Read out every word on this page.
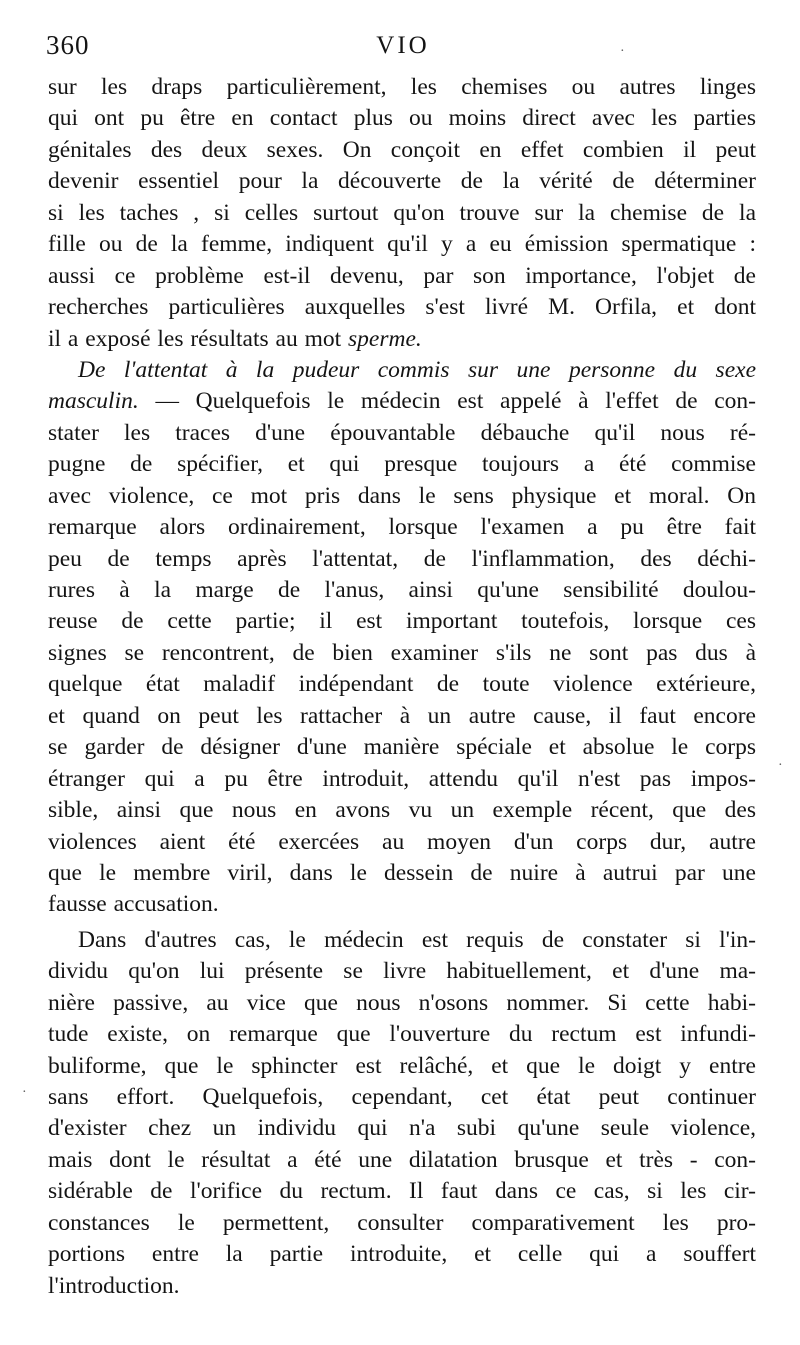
360	VIO	·
·
·
sur les draps particulièrement, les chemises ou autres linges
qui ont pu être en contact plus ou moins direct avec les parties
génitales des deux sexes. On conçoit en effet combien il peut
devenir essentiel pour la découverte de la vérité de déterminer
si les taches , si celles surtout qu'on trouve sur la chemise de la
fille ou de la femme, indiquent qu'il y a eu émission spermatique :
aussi ce problème est-il devenu, par son importance, l'objet de
recherches particulières auxquelles s'est livré M. Orfila, et dont
il a exposé les résultats au mot sperme.
De l'attentat à la pudeur commis sur une personne du sexe
masculin. — Quelquefois le médecin est appelé à l'effet de con-
stater les traces d'une épouvantable débauche qu'il nous ré-
pugne de spécifier, et qui presque toujours a été commise
avec violence, ce mot pris dans le sens physique et moral. On
remarque alors ordinairement, lorsque l'examen a pu être fait
peu de temps après l'attentat, de l'inflammation, des déchi-
rures à la marge de l'anus, ainsi qu'une sensibilité doulou-
reuse de cette partie; il est important toutefois, lorsque ces
signes se rencontrent, de bien examiner s'ils ne sont pas dus à
quelque état maladif indépendant de toute violence extérieure,
et quand on peut les rattacher à un autre cause, il faut encore
se garder de désigner d'une manière spéciale et absolue le corps
étranger qui a pu être introduit, attendu qu'il n'est pas impos-
sible, ainsi que nous en avons vu un exemple récent, que des
violences aient été exercées au moyen d'un corps dur, autre
que le membre viril, dans le dessein de nuire à autrui par une
fausse accusation.
Dans d'autres cas, le médecin est requis de constater si l'in-
dividu qu'on lui présente se livre habituellement, et d'une ma-
nière passive, au vice que nous n'osons nommer. Si cette habi-
tude existe, on remarque que l'ouverture du rectum est infundi-
buliforme, que le sphincter est relâché, et que le doigt y entre
sans effort. Quelquefois, cependant, cet état peut continuer
d'exister chez un individu qui n'a subi qu'une seule violence,
mais dont le résultat a été une dilatation brusque et très - con-
sidérable de l'orifice du rectum. Il faut dans ce cas, si les cir-
constances le permettent, consulter comparativement les pro-
portions entre la partie introduite, et celle qui a souffert
l'introduction.
